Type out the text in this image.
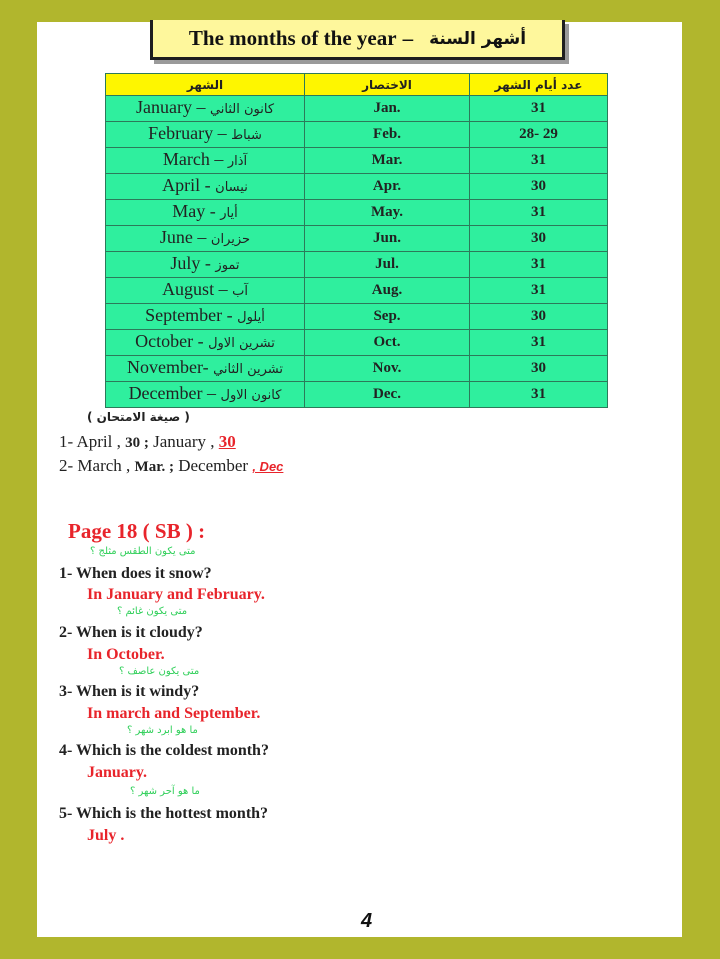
The months of the year – أشهر السنة
الشهر	الاختصار	عدد أيام الشهر
January – كانون الثاني	Jan.	31
February – شباط	Feb.	28- 29
March – آذار	Mar.	31
April - نيسان	Apr.	30
May - أيار	May.	31
June – حزيران	Jun.	30
July - تموز	Jul.	31
August – آب	Aug.	31
September - أيلول	Sep.	30
October - تشرين الاول	Oct.	31
November- تشرين الثاني	Nov.	30
December – كانون الاول	Dec.	31
( صيغة الامتحان )
1- April , 30 ; January , 30
2- March , Mar. ; December , Dec
Page 18 ( SB ) :
متى يكون الطقس مثلج ؟
1- When does it snow?
In January and February.
متى يكون غائم ؟
2- When is it cloudy?
In October.
متى يكون عاصف ؟
3- When is it windy?
In march and September.
ما هو ابرد شهر ؟
4- Which is the coldest month?
January.
ما هو آحر شهر ؟
5- Which is the hottest month?
July .
4
